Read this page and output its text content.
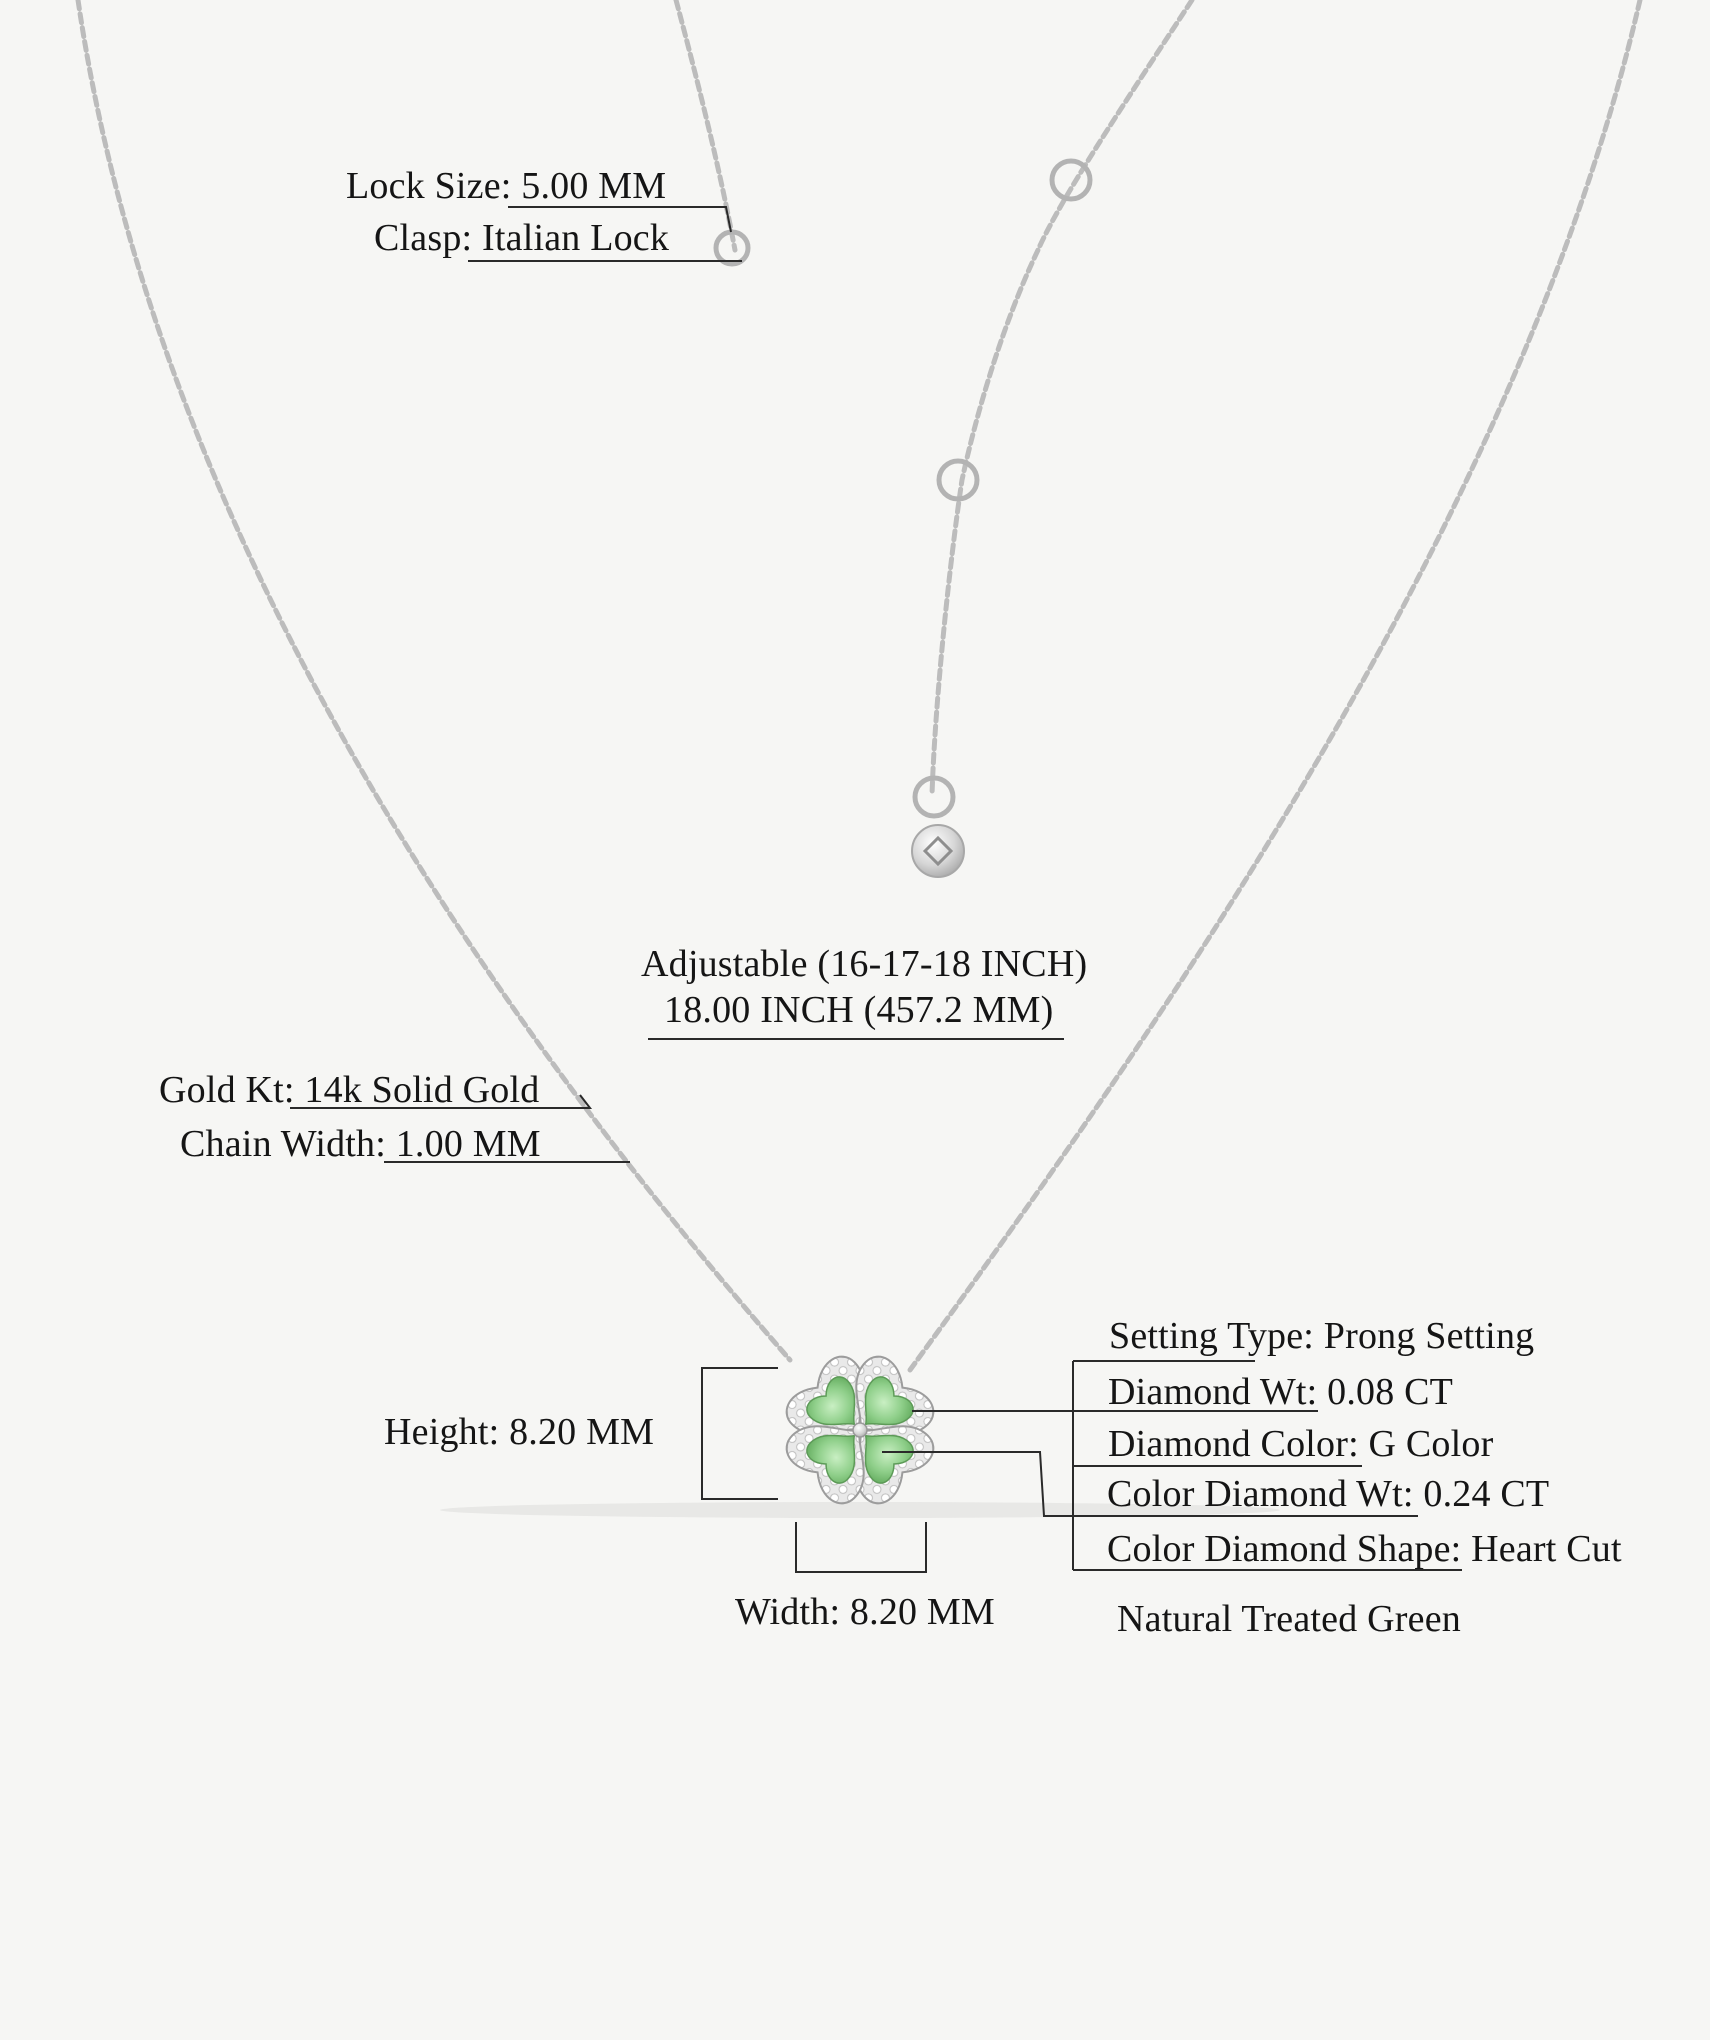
Lock Size: 5.00 MM
Clasp: Italian Lock
Adjustable (16-17-18 INCH)
18.00 INCH (457.2 MM)
Gold Kt: 14k Solid Gold
Chain Width: 1.00 MM
Height: 8.20 MM
Width: 8.20 MM
Setting Type: Prong Setting
Diamond Wt: 0.08 CT
Diamond Color: G Color
Color Diamond Wt: 0.24 CT
Color Diamond Shape: Heart Cut
Natural Treated Green
